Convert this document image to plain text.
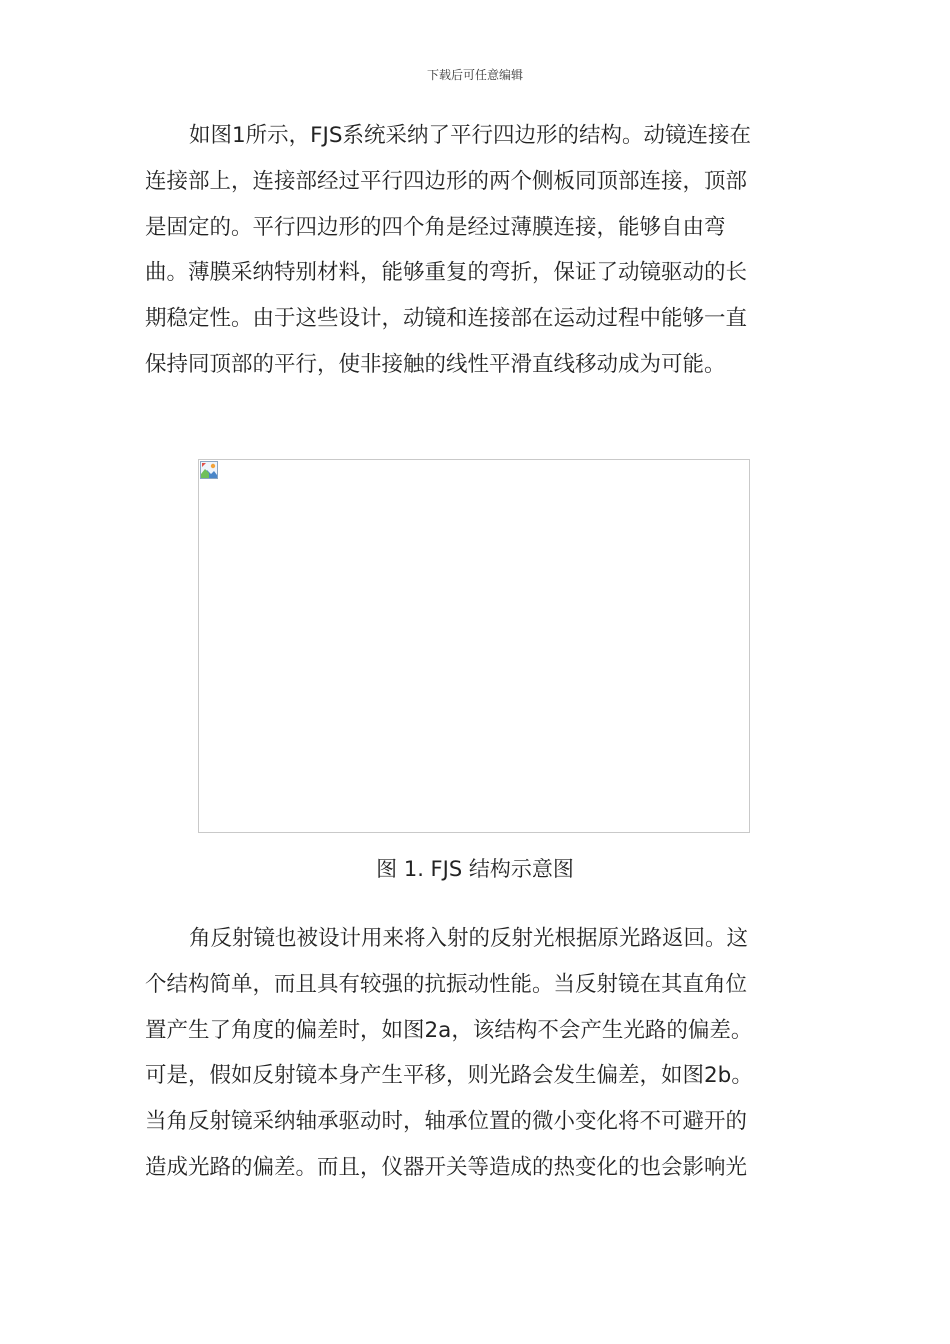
下载后可任意编辑

如图1所示，FJS系统采纳了平行四边形的结构。动镜连接在
连接部上，连接部经过平行四边形的两个侧板同顶部连接，顶部
是固定的。平行四边形的四个角是经过薄膜连接，能够自由弯
曲。薄膜采纳特别材料，能够重复的弯折，保证了动镜驱动的长
期稳定性。由于这些设计，动镜和连接部在运动过程中能够一直
保持同顶部的平行，使非接触的线性平滑直线移动成为可能。

图 1. FJS 结构示意图

角反射镜也被设计用来将入射的反射光根据原光路返回。这
个结构简单，而且具有较强的抗振动性能。当反射镜在其直角位
置产生了角度的偏差时，如图2a，该结构不会产生光路的偏差。
可是，假如反射镜本身产生平移，则光路会发生偏差，如图2b。
当角反射镜采纳轴承驱动时，轴承位置的微小变化将不可避开的
造成光路的偏差。而且，仪器开关等造成的热变化的也会影响光
